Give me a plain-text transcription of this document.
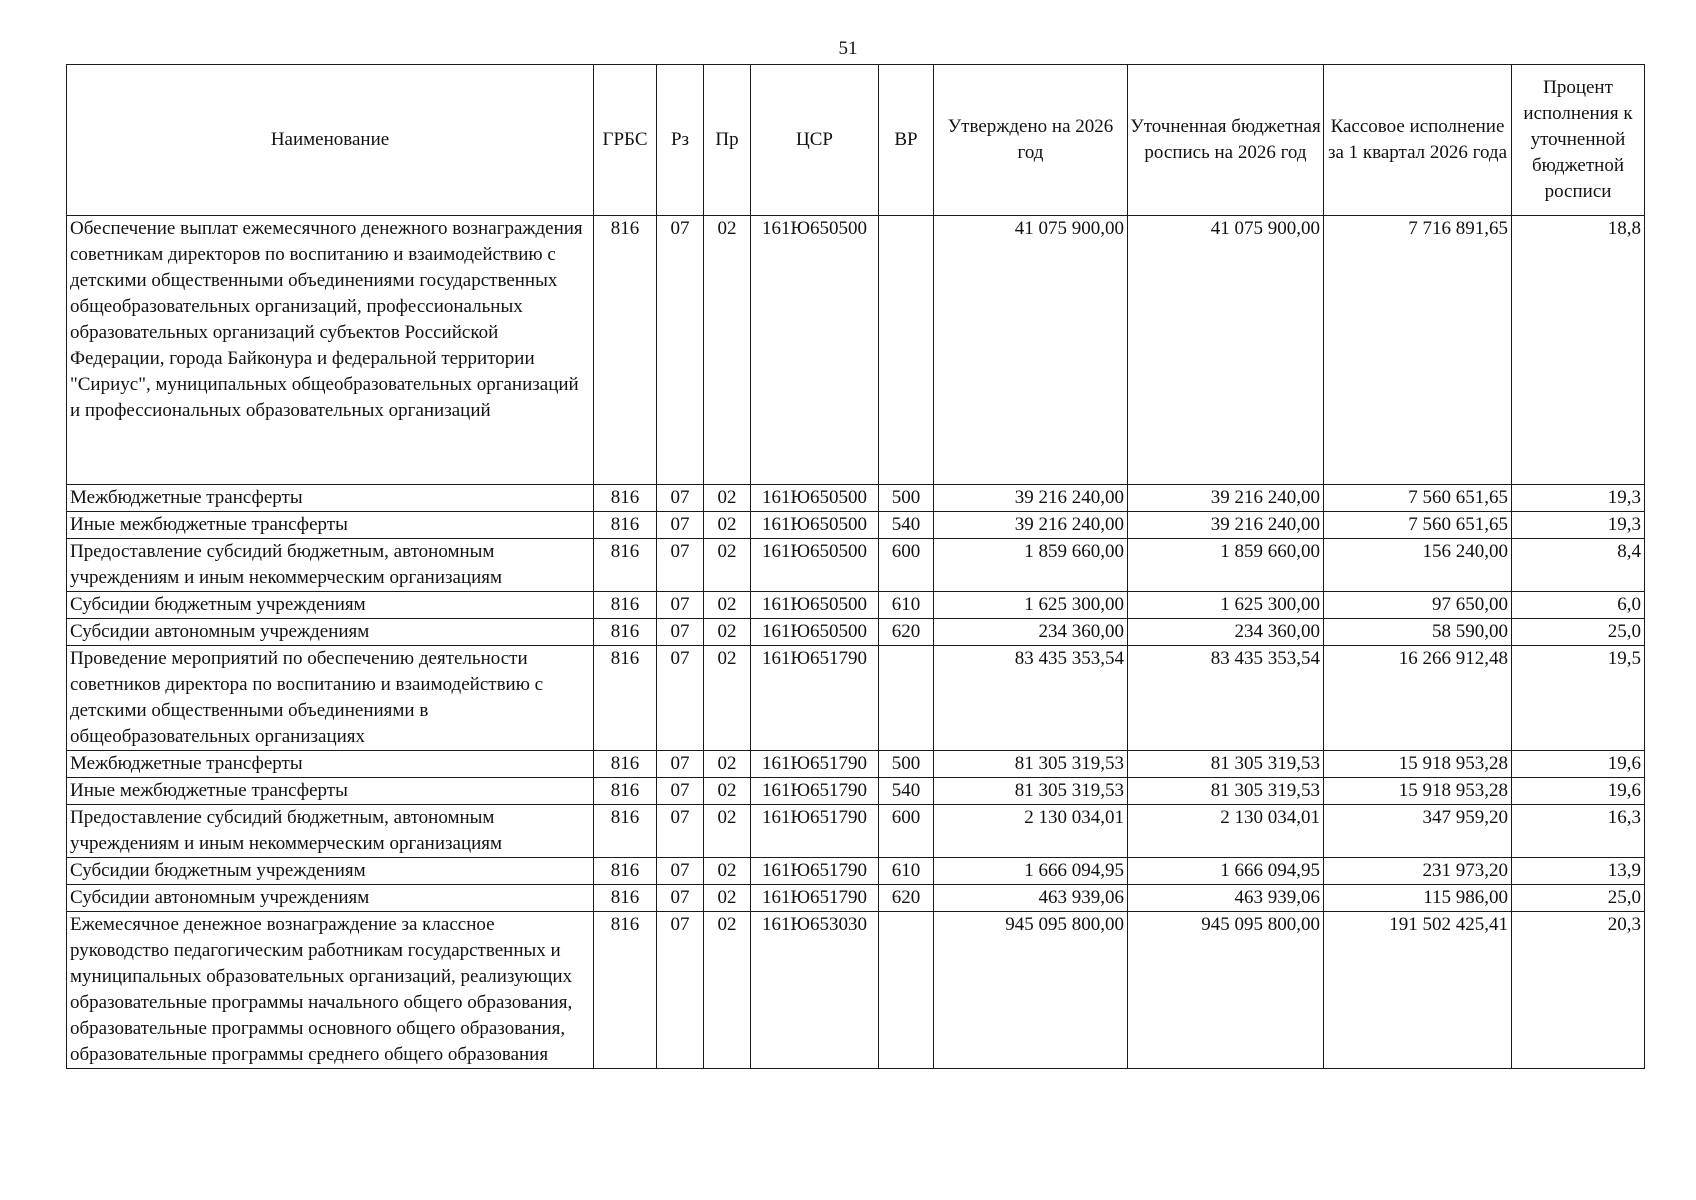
51
Наименование	ГРБС	Рз	Пр	ЦСР	ВР	Утверждено на 2026 год	Уточненная бюджетная роспись на 2026 год	Кассовое исполнение за 1 квартал 2026 года	Процент исполнения к уточненной бюджетной росписи
Обеспечение выплат ежемесячного денежного вознаграждения советникам директоров по воспитанию и взаимодействию с детскими общественными объединениями государственных общеобразовательных организаций, профессиональных образовательных организаций субъектов Российской Федерации, города Байконура и федеральной территории "Сириус", муниципальных общеобразовательных организаций и профессиональных образовательных организаций	816	07	02	161Ю650500		41 075 900,00	41 075 900,00	7 716 891,65	18,8
Межбюджетные трансферты	816	07	02	161Ю650500	500	39 216 240,00	39 216 240,00	7 560 651,65	19,3
Иные межбюджетные трансферты	816	07	02	161Ю650500	540	39 216 240,00	39 216 240,00	7 560 651,65	19,3
Предоставление субсидий бюджетным, автономным учреждениям и иным некоммерческим организациям	816	07	02	161Ю650500	600	1 859 660,00	1 859 660,00	156 240,00	8,4
Субсидии бюджетным учреждениям	816	07	02	161Ю650500	610	1 625 300,00	1 625 300,00	97 650,00	6,0
Субсидии автономным учреждениям	816	07	02	161Ю650500	620	234 360,00	234 360,00	58 590,00	25,0
Проведение мероприятий по обеспечению деятельности советников директора по воспитанию и взаимодействию с детскими общественными объединениями в общеобразовательных организациях	816	07	02	161Ю651790		83 435 353,54	83 435 353,54	16 266 912,48	19,5
Межбюджетные трансферты	816	07	02	161Ю651790	500	81 305 319,53	81 305 319,53	15 918 953,28	19,6
Иные межбюджетные трансферты	816	07	02	161Ю651790	540	81 305 319,53	81 305 319,53	15 918 953,28	19,6
Предоставление субсидий бюджетным, автономным учреждениям и иным некоммерческим организациям	816	07	02	161Ю651790	600	2 130 034,01	2 130 034,01	347 959,20	16,3
Субсидии бюджетным учреждениям	816	07	02	161Ю651790	610	1 666 094,95	1 666 094,95	231 973,20	13,9
Субсидии автономным учреждениям	816	07	02	161Ю651790	620	463 939,06	463 939,06	115 986,00	25,0
Ежемесячное денежное вознаграждение за классное руководство педагогическим работникам государственных и муниципальных образовательных организаций, реализующих образовательные программы начального общего образования, образовательные программы основного общего образования, образовательные программы среднего общего образования	816	07	02	161Ю653030		945 095 800,00	945 095 800,00	191 502 425,41	20,3
